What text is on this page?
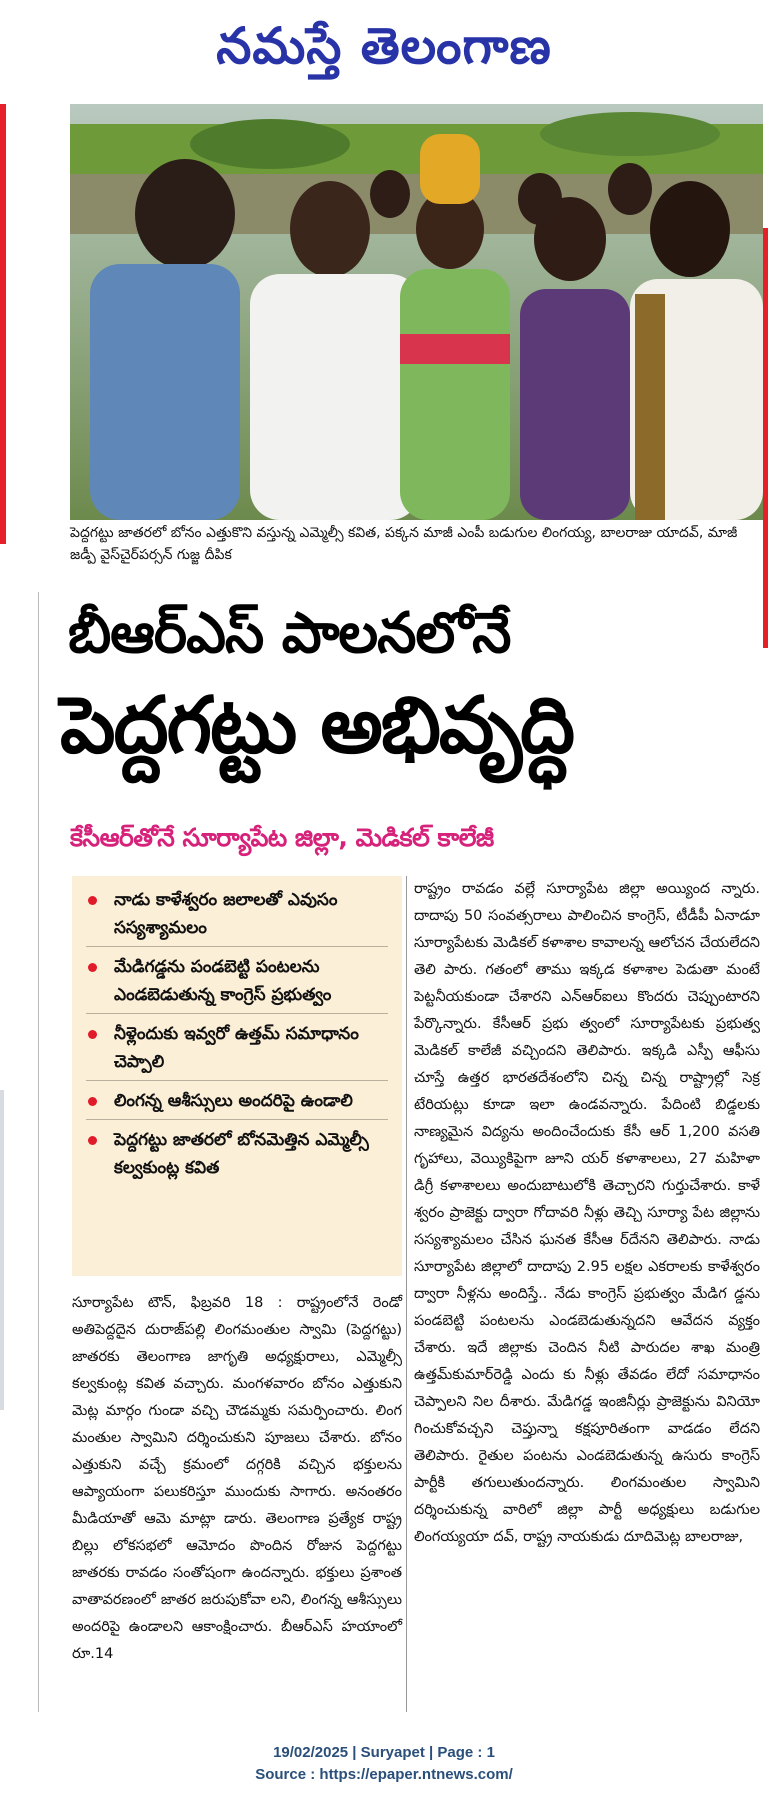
నమస్తే తెలంగాణ

పెద్దగట్టు జాతరలో బోనం ఎత్తుకొని వస్తున్న ఎమ్మెల్సీ కవిత, పక్కన మాజీ ఎంపీ బడుగుల లింగయ్య, బాలరాజు యాదవ్, మాజీ జడ్పీ వైస్‌చైర్‌పర్సన్ గుజ్జ దీపిక

బీఆర్‌ఎస్ పాలనలోనే
పెద్దగట్టు అభివృద్ధి
కేసీఆర్‌తోనే సూర్యాపేట జిల్లా, మెడికల్ కాలేజీ
నాడు కాళేశ్వరం జలాలతో ఎవుసం సస్యశ్యామలం
మేడిగడ్డను పండబెట్టి పంటలను ఎండబెడుతున్న కాంగ్రెస్ ప్రభుత్వం
నీళ్లెందుకు ఇవ్వరో ఉత్తమ్ సమాధానం చెప్పాలి
లింగన్న ఆశీస్సులు అందరిపై ఉండాలి
పెద్దగట్టు జాతరలో బోనమెత్తిన ఎమ్మెల్సీ కల్వకుంట్ల కవిత

సూర్యాపేట టౌన్, ఫిబ్రవరి 18 : రాష్ట్రంలోనే రెండో అతిపెద్దదైన దురాజ్‌పల్లి లింగమంతుల స్వామి (పెద్దగట్టు) జాతరకు తెలంగాణ జాగృతి అధ్యక్షురాలు, ఎమ్మెల్సీ కల్వకుంట్ల కవిత వచ్చారు. మంగళవారం బోనం ఎత్తుకుని మెట్ల మార్గం గుండా వచ్చి చౌడమ్మకు సమర్పించారు. లింగ మంతుల స్వామిని దర్శించుకుని పూజలు చేశారు. బోనం ఎత్తుకుని వచ్చే క్రమంలో దగ్గరికి వచ్చిన భక్తులను ఆప్యాయంగా పలుకరిస్తూ ముందుకు సాగారు. అనంతరం మీడియాతో ఆమె మాట్లా డారు. తెలంగాణ ప్రత్యేక రాష్ట్ర బిల్లు లోకసభలో ఆమోదం పొందిన రోజున పెద్దగట్టు జాతరకు రావడం సంతోషంగా ఉందన్నారు. భక్తులు ప్రశాంత వాతావరణంలో జాతర జరుపుకోవా లని, లింగన్న ఆశీస్సులు అందరిపై ఉండాలని ఆకాంక్షించారు. బీఆర్‌ఎస్ హయాంలో రూ.14

రాష్ట్రం రావడం వల్లే సూర్యాపేట జిల్లా అయ్యింద న్నారు. దాదాపు 50 సంవత్సరాలు పాలించిన కాంగ్రెస్, టీడీపీ ఏనాడూ సూర్యాపేటకు మెడికల్ కళాశాల కావాలన్న ఆలోచన చేయలేదని తెలి పారు. గతంలో తాము ఇక్కడ కళాశాల పెడుతా మంటే పెట్టనీయకుండా చేశారని ఎన్‌ఆర్‌ఐలు కొందరు చెప్పుంటారని పేర్కొన్నారు. కేసీఆర్ ప్రభు త్వంలో సూర్యాపేటకు ప్రభుత్వ మెడికల్ కాలేజీ వచ్చిందని తెలిపారు. ఇక్కడి ఎస్పీ ఆఫీసు చూస్తే ఉత్తర భారతదేశంలోని చిన్న చిన్న రాష్ట్రాల్లో సెక్ర టేరియట్లు కూడా ఇలా ఉండవన్నారు. పేదింటి బిడ్డలకు నాణ్యమైన విద్యను అందించేందుకు కేసీ ఆర్ 1,200 వసతి గృహాలు, వెయ్యికిపైగా జూని యర్ కళాశాలలు, 27 మహిళా డిగ్రీ కళాశాలలు అందుబాటులోకి తెచ్చారని గుర్తుచేశారు. కాళే శ్వరం ప్రాజెక్టు ద్వారా గోదావరి నీళ్లు తెచ్చి సూర్యా పేట జిల్లాను సస్యశ్యామలం చేసిన ఘనత కేసీఆ ర్‌దేనని తెలిపారు. నాడు సూర్యాపేట జిల్లాలో దాదాపు 2.95 లక్షల ఎకరాలకు కాళేశ్వరం ద్వారా నీళ్లను అందిస్తే.. నేడు కాంగ్రెస్ ప్రభుత్వం మేడిగ డ్డను పండబెట్టి పంటలను ఎండబెడుతున్నదని ఆవేదన వ్యక్తం చేశారు. ఇదే జిల్లాకు చెందిన నీటి పారుదల శాఖ మంత్రి ఉత్తమ్‌కుమార్‌రెడ్డి ఎందు కు నీళ్లు తేవడం లేదో సమాధానం చెప్పాలని నిల దీశారు. మేడిగడ్డ ఇంజినీర్లు ప్రాజెక్టును వినియో గించుకోవచ్చని చెప్తున్నా కక్షపూరితంగా వాడడం లేదని తెలిపారు. రైతుల పంటను ఎండబెడుతున్న ఉసురు కాంగ్రెస్ పార్టీకి తగులుతుందన్నారు. లింగమంతుల స్వామిని దర్శించుకున్న వారిలో జిల్లా పార్టీ అధ్యక్షులు బడుగుల లింగయ్యయా దవ్, రాష్ట్ర నాయకుడు దూదిమెట్ల బాలరాజు,

19/02/2025 | Suryapet | Page : 1
Source : https://epaper.ntnews.com/
